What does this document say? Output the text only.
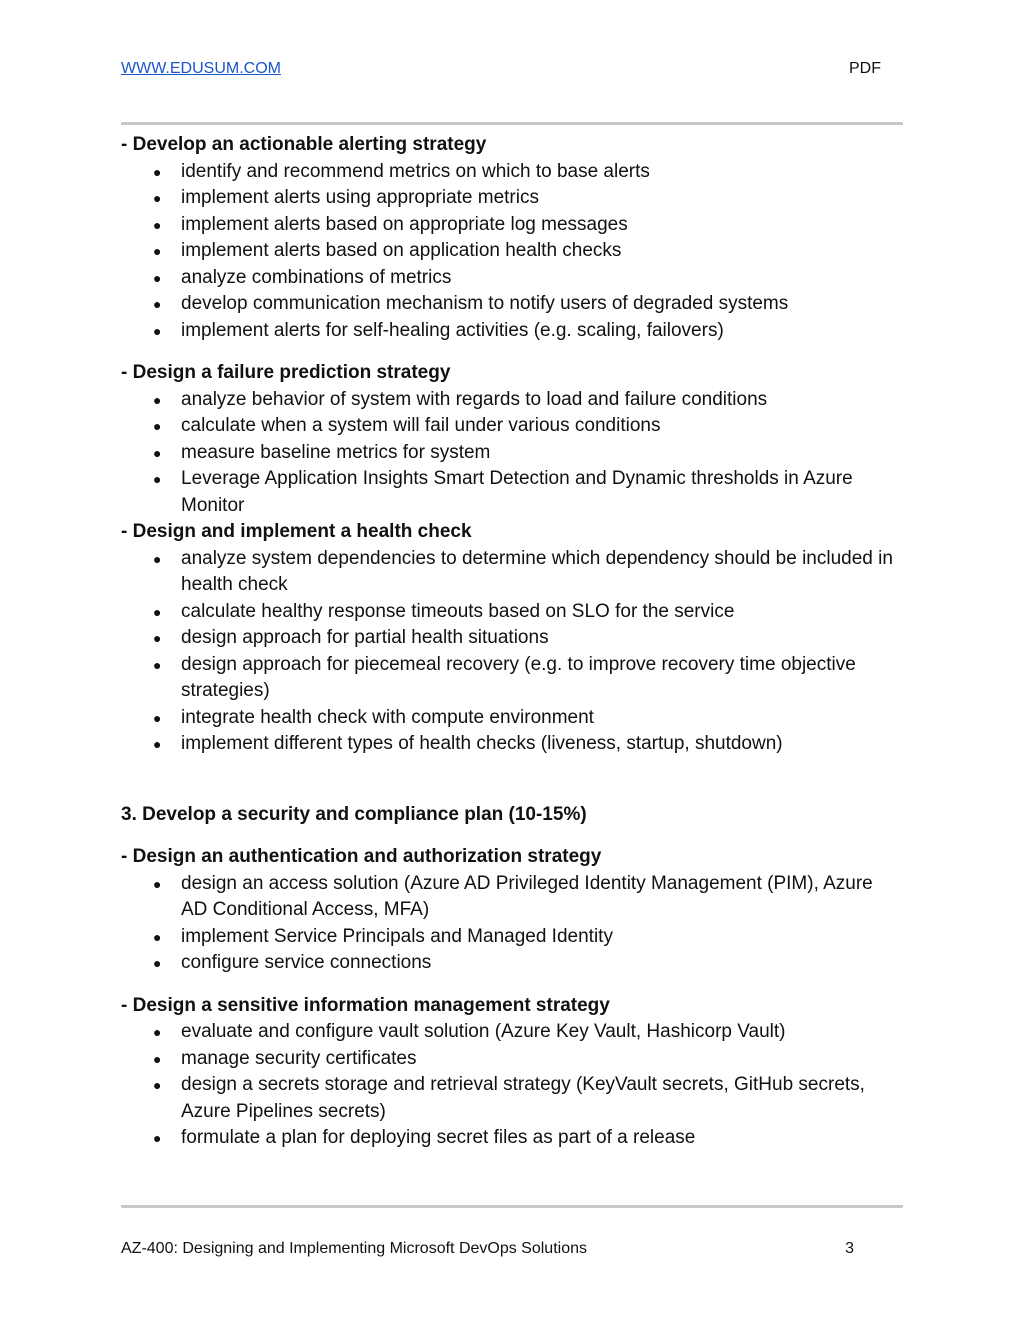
WWW.EDUSUM.COM	PDF

- Develop an actionable alerting strategy

● identify and recommend metrics on which to base alerts
● implement alerts using appropriate metrics
● implement alerts based on appropriate log messages
● implement alerts based on application health checks
● analyze combinations of metrics
● develop communication mechanism to notify users of degraded systems
● implement alerts for self-healing activities (e.g. scaling, failovers)

- Design a failure prediction strategy

● analyze behavior of system with regards to load and failure conditions
● calculate when a system will fail under various conditions
● measure baseline metrics for system
● Leverage Application Insights Smart Detection and Dynamic thresholds in Azure Monitor

- Design and implement a health check

● analyze system dependencies to determine which dependency should be included in health check
● calculate healthy response timeouts based on SLO for the service
● design approach for partial health situations
● design approach for piecemeal recovery (e.g. to improve recovery time objective strategies)
● integrate health check with compute environment
● implement different types of health checks (liveness, startup, shutdown)

3. Develop a security and compliance plan (10-15%)

- Design an authentication and authorization strategy

● design an access solution (Azure AD Privileged Identity Management (PIM), Azure AD Conditional Access, MFA)
● implement Service Principals and Managed Identity
● configure service connections

- Design a sensitive information management strategy

● evaluate and configure vault solution (Azure Key Vault, Hashicorp Vault)
● manage security certificates
● design a secrets storage and retrieval strategy (KeyVault secrets, GitHub secrets, Azure Pipelines secrets)
● formulate a plan for deploying secret files as part of a release
AZ-400: Designing and Implementing Microsoft DevOps Solutions	3
